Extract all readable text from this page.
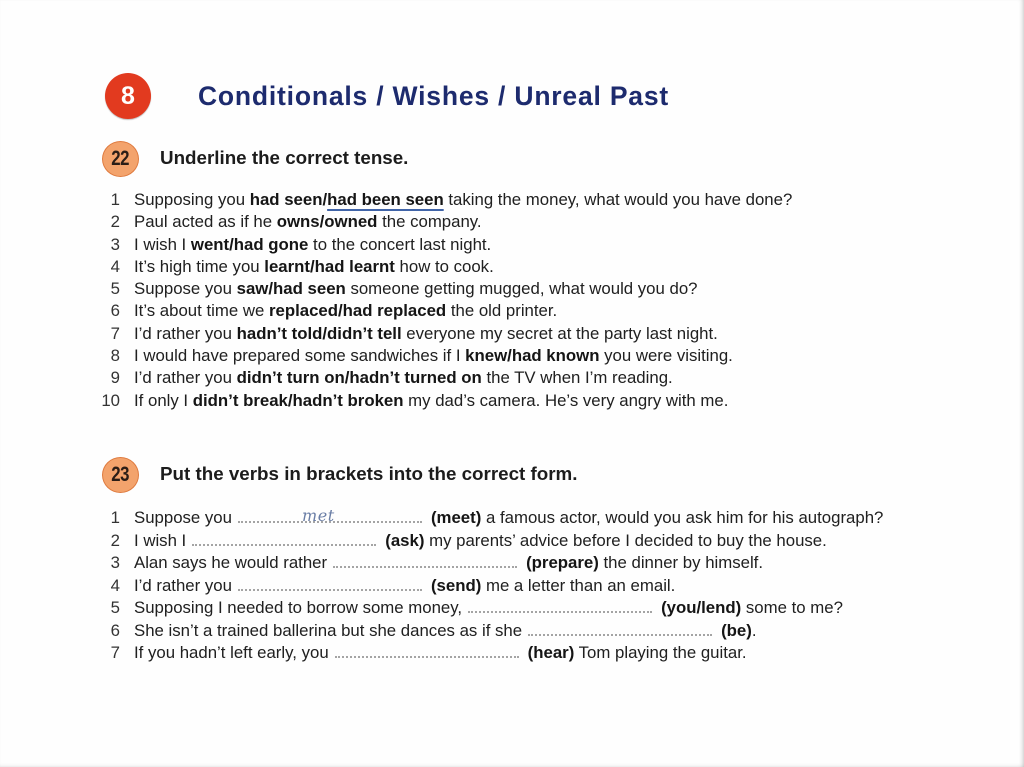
8	Conditionals / Wishes / Unreal Past
22 Underline the correct tense.
1 Supposing you had seen/had been seen taking the money, what would you have done?
2 Paul acted as if he owns/owned the company.
3 I wish I went/had gone to the concert last night.
4 It’s high time you learnt/had learnt how to cook.
5 Suppose you saw/had seen someone getting mugged, what would you do?
6 It’s about time we replaced/had replaced the old printer.
7 I’d rather you hadn’t told/didn’t tell everyone my secret at the party last night.
8 I would have prepared some sandwiches if I knew/had known you were visiting.
9 I’d rather you didn’t turn on/hadn’t turned on the TV when I’m reading.
10 If only I didn’t break/hadn’t broken my dad’s camera. He’s very angry with me.
23 Put the verbs in brackets into the correct form.
1 Suppose you	met	(meet) a famous actor, would you ask him for his autograph?
2 I wish I	(ask) my parents’ advice before I decided to buy the house.
3 Alan says he would rather	(prepare) the dinner by himself.
4 I’d rather you	(send) me a letter than an email.
5 Supposing I needed to borrow some money,	(you/lend) some to me?
6 She isn’t a trained ballerina but she dances as if she	(be).
7 If you hadn’t left early, you	(hear) Tom playing the guitar.
